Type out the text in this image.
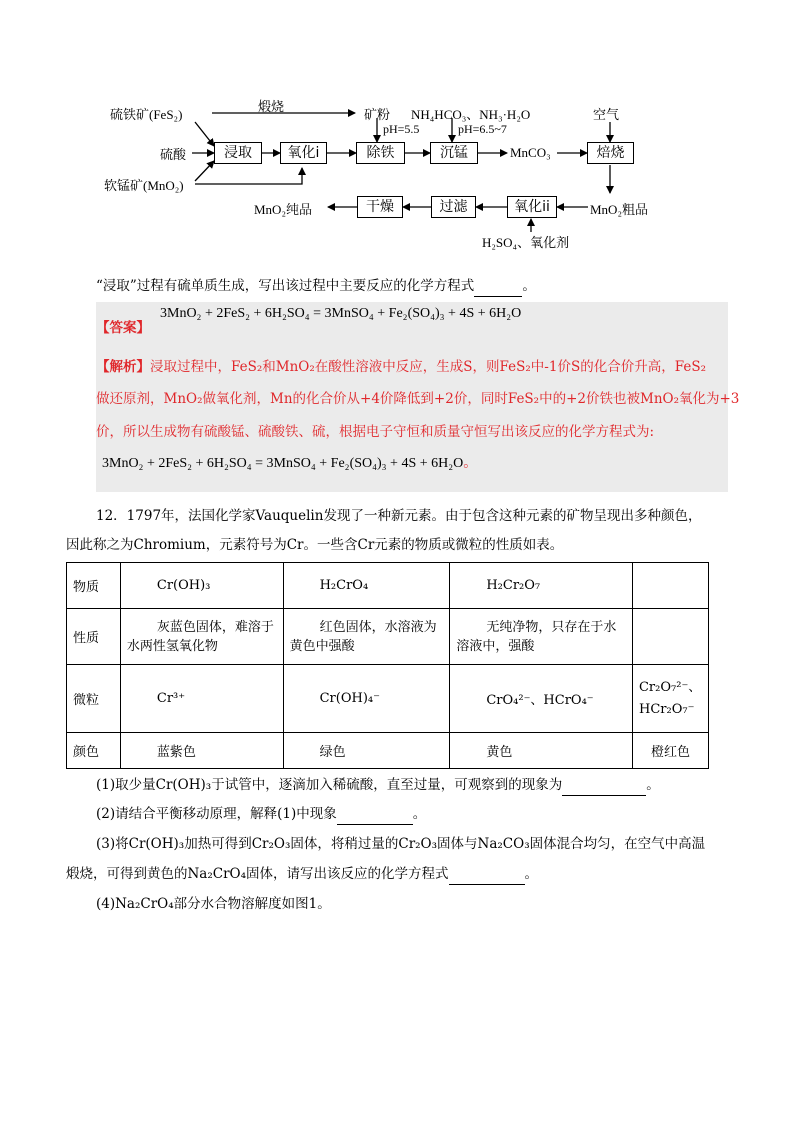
硫铁矿(FeS₂)
硫酸
软锰矿(MnO₂)
煅烧
矿粉
pH=5.5
NH₄HCO₃、NH₃·H₂O
pH=6.5~7
空气
浸取	氧化i	除铁	沉锰	MnCO₃	焙烧
MnO₂粗品
氧化ii
过滤
干燥
MnO₂纯品
H₂SO₄、氧化剂
“浸取”过程有硫单质生成，写出该过程中主要反应的化学方程式	。
3MnO₂ + 2FeS₂ + 6H₂SO₄ = 3MnSO₄ + Fe₂(SO₄)₃ + 4S + 6H₂O
【答案】
【解析】浸取过程中，FeS₂和MnO₂在酸性溶液中反应，生成S，则FeS₂中-1价S的化合价升高，FeS₂
做还原剂，MnO₂做氧化剂，Mn的化合价从+4价降低到+2价，同时FeS₂中的+2价铁也被MnO₂氧化为+3
价，所以生成物有硫酸锰、硫酸铁、硫，根据电子守恒和质量守恒写出该反应的化学方程式为:
3MnO₂ + 2FeS₂ + 6H₂SO₄ = 3MnSO₄ + Fe₂(SO₄)₃ + 4S + 6H₂O。
12．1797年，法国化学家Vauquelin发现了一种新元素。由于包含这种元素的矿物呈现出多种颜色，
因此称之为Chromium，元素符号为Cr。一些含Cr元素的物质或微粒的性质如表。
物质	Cr(OH)₃	H₂CrO₄	H₂Cr₂O₇	
性质	灰蓝色固体，难溶于水两性氢氧化物	红色固体，水溶液为黄色中强酸	无纯净物，只存在于水溶液中，强酸	
微粒	Cr³⁺	Cr(OH)₄⁻	CrO₄²⁻、HCrO₄⁻	Cr₂O₇²⁻、HCr₂O₇⁻
颜色	蓝紫色	绿色	黄色	橙红色
(1)取少量Cr(OH)₃于试管中，逐滴加入稀硫酸，直至过量，可观察到的现象为	。
(2)请结合平衡移动原理，解释(1)中现象	。
(3)将Cr(OH)₃加热可得到Cr₂O₃固体，将稍过量的Cr₂O₃固体与Na₂CO₃固体混合均匀，在空气中高温
煅烧，可得到黄色的Na₂CrO₄固体，请写出该反应的化学方程式	。
(4)Na₂CrO₄部分水合物溶解度如图1。
